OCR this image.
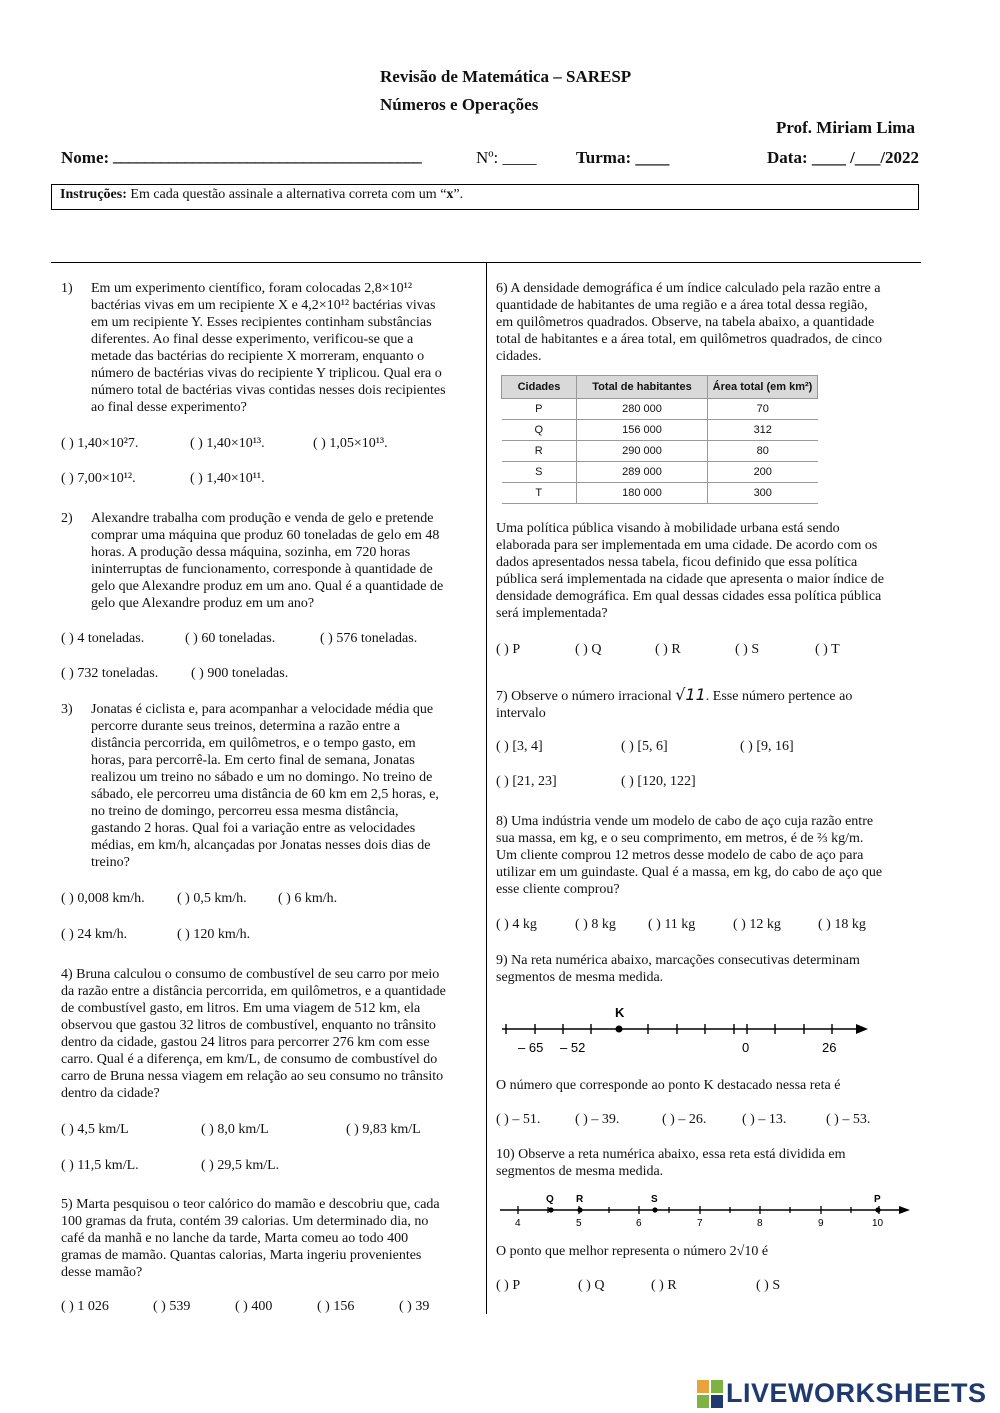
Revisão de Matemática – SARESP
Números e Operações
Prof. Miriam Lima
Nome: _______________________________________	Nº: ____ Turma: ____	Data: ____ /___/2022
Instruções: Em cada questão assinale a alternativa correta com um “x”.
1) Em um experimento científico, foram colocadas 2,8×10¹²
bactérias vivas em um recipiente X e 4,2×10¹² bactérias vivas
em um recipiente Y. Esses recipientes continham substâncias
diferentes. Ao final desse experimento, verificou-se que a
metade das bactérias do recipiente X morreram, enquanto o
número de bactérias vivas do recipiente Y triplicou. Qual era o
número total de bactérias vivas contidas nesses dois recipientes
ao final desse experimento?
( ) 1,40×10²7.	( ) 1,40×10¹³.	( ) 1,05×10¹³.
( ) 7,00×10¹².	( ) 1,40×10¹¹.
2) Alexandre trabalha com produção e venda de gelo e pretende
comprar uma máquina que produz 60 toneladas de gelo em 48
horas. A produção dessa máquina, sozinha, em 720 horas
ininterruptas de funcionamento, corresponde à quantidade de
gelo que Alexandre produz em um ano. Qual é a quantidade de
gelo que Alexandre produz em um ano?
( ) 4 toneladas.	( ) 60 toneladas.	( ) 576 toneladas.
( ) 732 toneladas. ( ) 900 toneladas.
3) Jonatas é ciclista e, para acompanhar a velocidade média que
percorre durante seus treinos, determina a razão entre a
distância percorrida, em quilômetros, e o tempo gasto, em
horas, para percorrê-la. Em certo final de semana, Jonatas
realizou um treino no sábado e um no domingo. No treino de
sábado, ele percorreu uma distância de 60 km em 2,5 horas, e,
no treino de domingo, percorreu essa mesma distância,
gastando 2 horas. Qual foi a variação entre as velocidades
médias, em km/h, alcançadas por Jonatas nesses dois dias de
treino?
( ) 0,008 km/h. ( ) 0,5 km/h. ( ) 6 km/h.
( ) 24 km/h.	( ) 120 km/h.
4) Bruna calculou o consumo de combustível de seu carro por meio
da razão entre a distância percorrida, em quilômetros, e a quantidade
de combustível gasto, em litros. Em uma viagem de 512 km, ela
observou que gastou 32 litros de combustível, enquanto no trânsito
dentro da cidade, gastou 24 litros para percorrer 276 km com esse
carro. Qual é a diferença, em km/L, de consumo de combustível do
carro de Bruna nessa viagem em relação ao seu consumo no trânsito
dentro da cidade?
( ) 4,5 km/L	( ) 8,0 km/L	( ) 9,83 km/L
( ) 11,5 km/L.	( ) 29,5 km/L.
5) Marta pesquisou o teor calórico do mamão e descobriu que, cada
100 gramas da fruta, contém 39 calorias. Um determinado dia, no
café da manhã e no lanche da tarde, Marta comeu ao todo 400
gramas de mamão. Quantas calorias, Marta ingeriu provenientes
desse mamão?
( ) 1 026	( ) 539	( ) 400	( ) 156	( ) 39
6) A densidade demográfica é um índice calculado pela razão entre a
quantidade de habitantes de uma região e a área total dessa região,
em quilômetros quadrados. Observe, na tabela abaixo, a quantidade
total de habitantes e a área total, em quilômetros quadrados, de cinco
cidades.
Cidades	Total de habitantes	Área total (em km²)
P	280 000	70
Q	156 000	312
R	290 000	80
S	289 000	200
T	180 000	300
Uma política pública visando à mobilidade urbana está sendo
elaborada para ser implementada em uma cidade. De acordo com os
dados apresentados nessa tabela, ficou definido que essa política
pública será implementada na cidade que apresenta o maior índice de
densidade demográfica. Em qual dessas cidades essa política pública
será implementada?
( ) P	( ) Q	( ) R	( ) S	( ) T
7) Observe o número irracional √11. Esse número pertence ao
intervalo
( ) [3, 4]	( ) [5, 6]	( ) [9, 16]
( ) [21, 23]	( ) [120, 122]
8) Uma indústria vende um modelo de cabo de aço cuja razão entre
sua massa, em kg, e o seu comprimento, em metros, é de ⅔ kg/m.
Um cliente comprou 12 metros desse modelo de cabo de aço para
utilizar em um guindaste. Qual é a massa, em kg, do cabo de aço que
esse cliente comprou?
( ) 4 kg	( ) 8 kg ( ) 11 kg	( ) 12 kg	( ) 18 kg
9) Na reta numérica abaixo, marcações consecutivas determinam
segmentos de mesma medida.
K
– 65 – 52	0	26
O número que corresponde ao ponto K destacado nessa reta é
( ) – 51. ( ) – 39.	( ) – 26.	( ) – 13.	( ) – 53.
10) Observe a reta numérica abaixo, essa reta está dividida em
segmentos de mesma medida.
Q R	S	P
4	5	6	7	8	9	10
O ponto que melhor representa o número 2√10 é
( ) P	( ) Q	( ) R	( ) S
LIVEWORKSHEETS
